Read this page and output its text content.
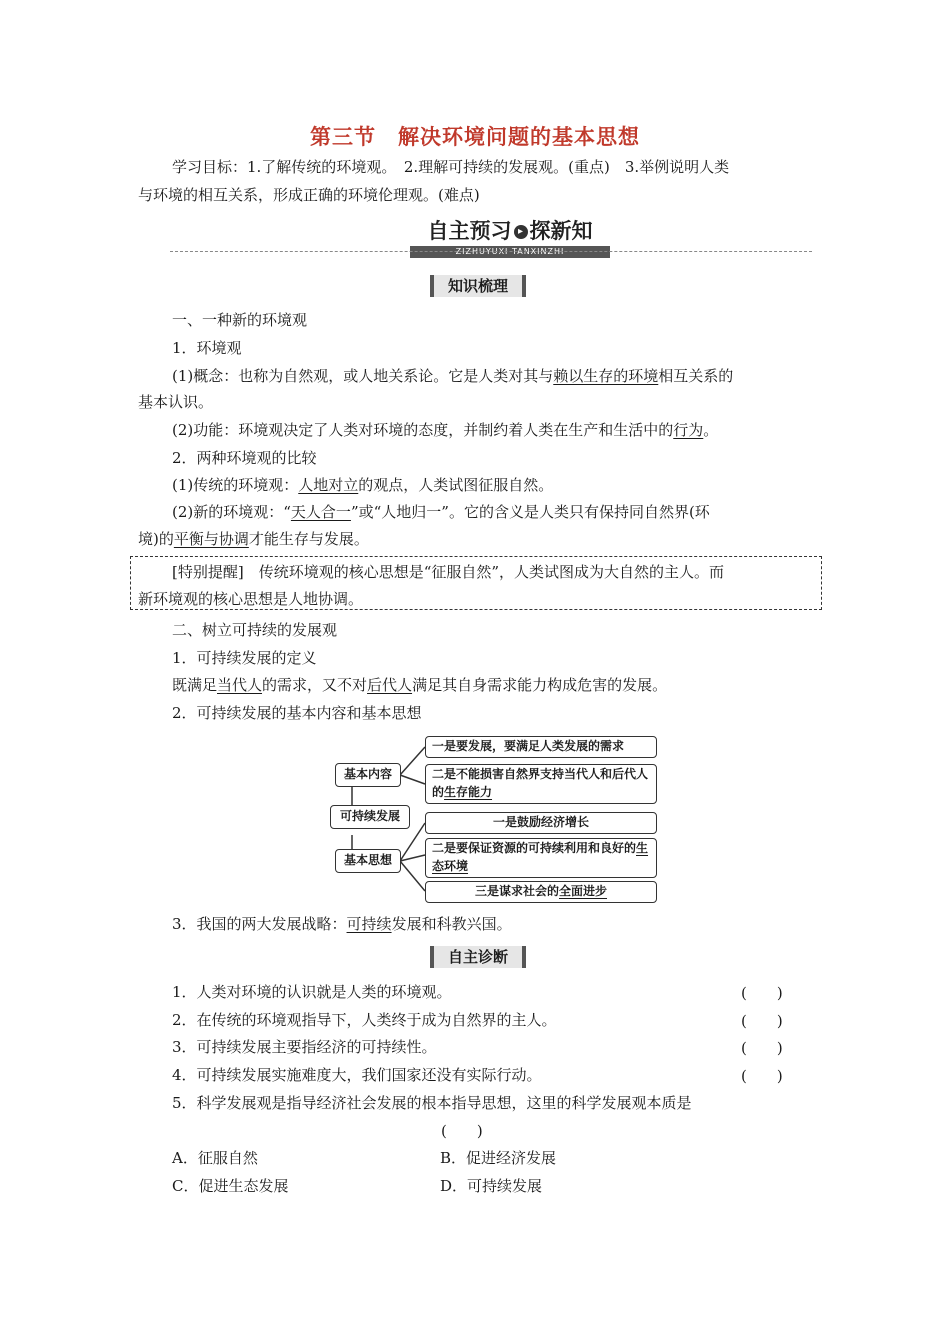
第三节　解决环境问题的基本思想
学习目标：1.了解传统的环境观。　2.理解可持续的发展观。(重点)　3.举例说明人类
与环境的相互关系，形成正确的环境伦理观。(难点)
自主预习 ▸ 探新知
ZIZHUYUXI TANXINZHI
知识梳理
一、一种新的环境观
1．环境观
(1)概念：也称为自然观，或人地关系论。它是人类对其与赖以生存的环境相互关系的
基本认识。
(2)功能：环境观决定了人类对环境的态度，并制约着人类在生产和生活中的行为。
2．两种环境观的比较
(1)传统的环境观：人地对立的观点，人类试图征服自然。
(2)新的环境观：“天人合一”或“人地归一”。它的含义是人类只有保持同自然界(环
境)的平衡与协调才能生存与发展。
[特别提醒]　传统环境观的核心思想是“征服自然”，人类试图成为大自然的主人。而
新环境观的核心思想是人地协调。
二、树立可持续的发展观
1．可持续发展的定义
既满足当代人的需求，又不对后代人满足其自身需求能力构成危害的发展。
2．可持续发展的基本内容和基本思想
基本内容
可持续发展
基本思想
一是要发展，要满足人类发展的需求
二是不能损害自然界支持当代人和后代人的生存能力
一是鼓励经济增长
二是要保证资源的可持续利用和良好的生态环境
三是谋求社会的全面进步
3．我国的两大发展战略：可持续发展和科教兴国。
自主诊断
1．人类对环境的认识就是人类的环境观。	(　　)
2．在传统的环境观指导下，人类终于成为自然界的主人。	(　　)
3．可持续发展主要指经济的可持续性。	(　　)
4．可持续发展实施难度大，我们国家还没有实际行动。	(　　)
5．科学发展观是指导经济社会发展的根本指导思想，这里的科学发展观本质是
(　　)
A．征服自然	B．促进经济发展
C．促进生态发展	D．可持续发展
